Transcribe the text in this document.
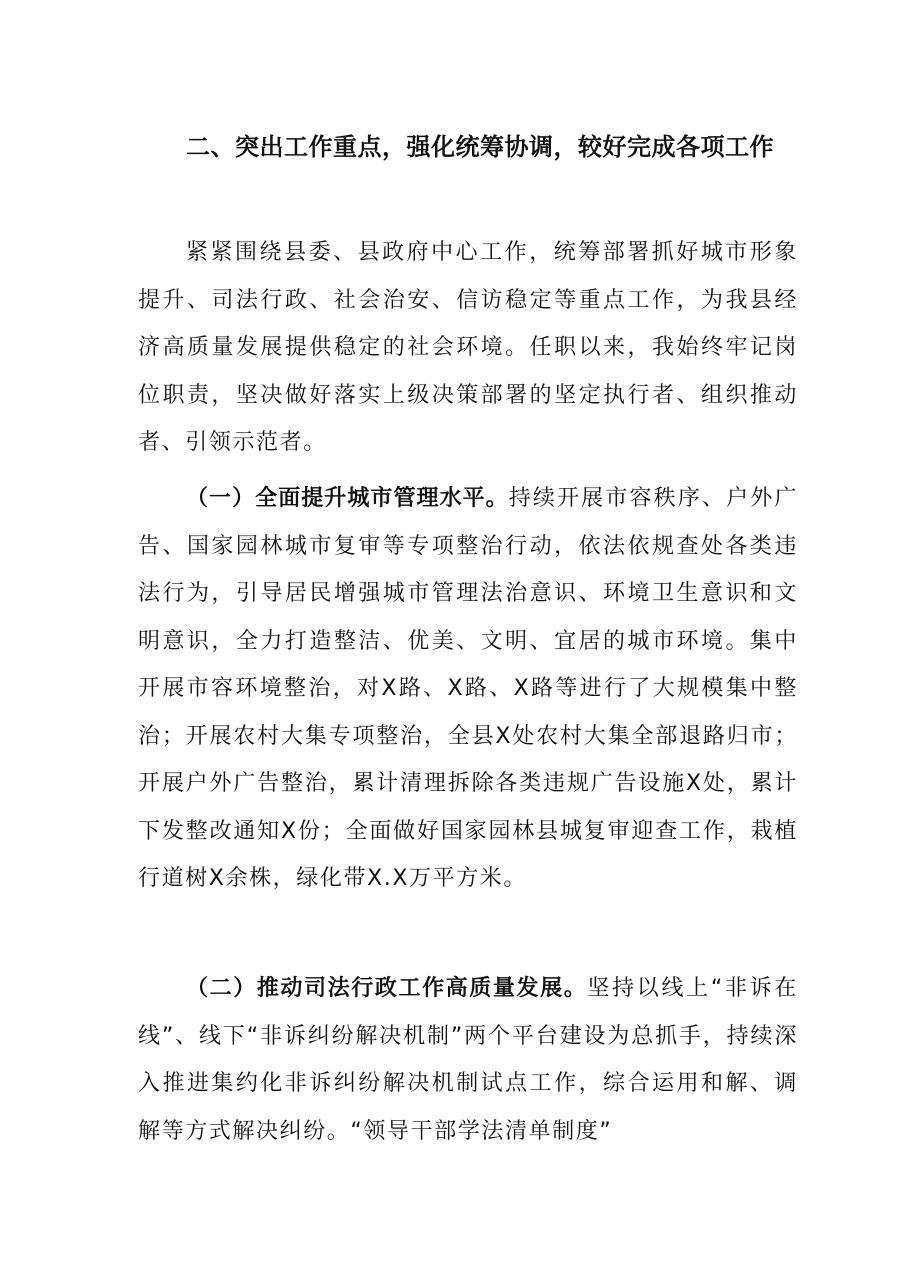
二、突出工作重点，强化统筹协调，较好完成各项工作

紧紧围绕县委、县政府中心工作，统筹部署抓好城市形象提升、司法行政、社会治安、信访稳定等重点工作，为我县经济高质量发展提供稳定的社会环境。任职以来，我始终牢记岗位职责，坚决做好落实上级决策部署的坚定执行者、组织推动者、引领示范者。

（一）全面提升城市管理水平。持续开展市容秩序、户外广告、国家园林城市复审等专项整治行动，依法依规查处各类违法行为，引导居民增强城市管理法治意识、环境卫生意识和文明意识，全力打造整洁、优美、文明、宜居的城市环境。集中开展市容环境整治，对X路、X路、X路等进行了大规模集中整治；开展农村大集专项整治，全县X处农村大集全部退路归市；开展户外广告整治，累计清理拆除各类违规广告设施X处，累计下发整改通知X份；全面做好国家园林县城复审迎查工作，栽植行道树X余株，绿化带X.X万平方米。

（二）推动司法行政工作高质量发展。坚持以线上“非诉在线”、线下“非诉纠纷解决机制”两个平台建设为总抓手，持续深入推进集约化非诉纠纷解决机制试点工作，综合运用和解、调解等方式解决纠纷。“领导干部学法清单制度”
